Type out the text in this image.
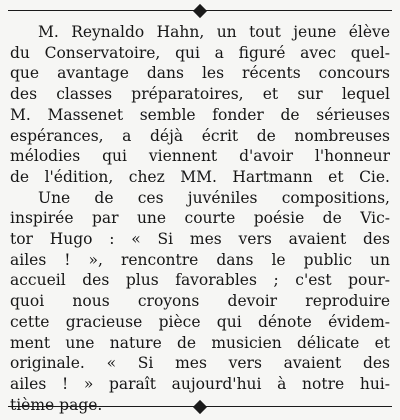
M. Reynaldo Hahn, un tout jeune élève
du Conservatoire, qui a figuré avec quel-
que avantage dans les récents concours
des classes préparatoires, et sur lequel
M. Massenet semble fonder de sérieuses
espérances, a déjà écrit de nombreuses
mélodies qui viennent d'avoir l'honneur
de l'édition, chez MM. Hartmann et Cie.
Une de ces juvéniles compositions,
inspirée par une courte poésie de Vic-
tor Hugo : « Si mes vers avaient des
ailes ! », rencontre dans le public un
accueil des plus favorables ; c'est pour-
quoi nous croyons devoir reproduire
cette gracieuse pièce qui dénote évidem-
ment une nature de musicien délicate et
originale. « Si mes vers avaient des
ailes ! » paraît aujourd'hui à notre hui-
tième page.
